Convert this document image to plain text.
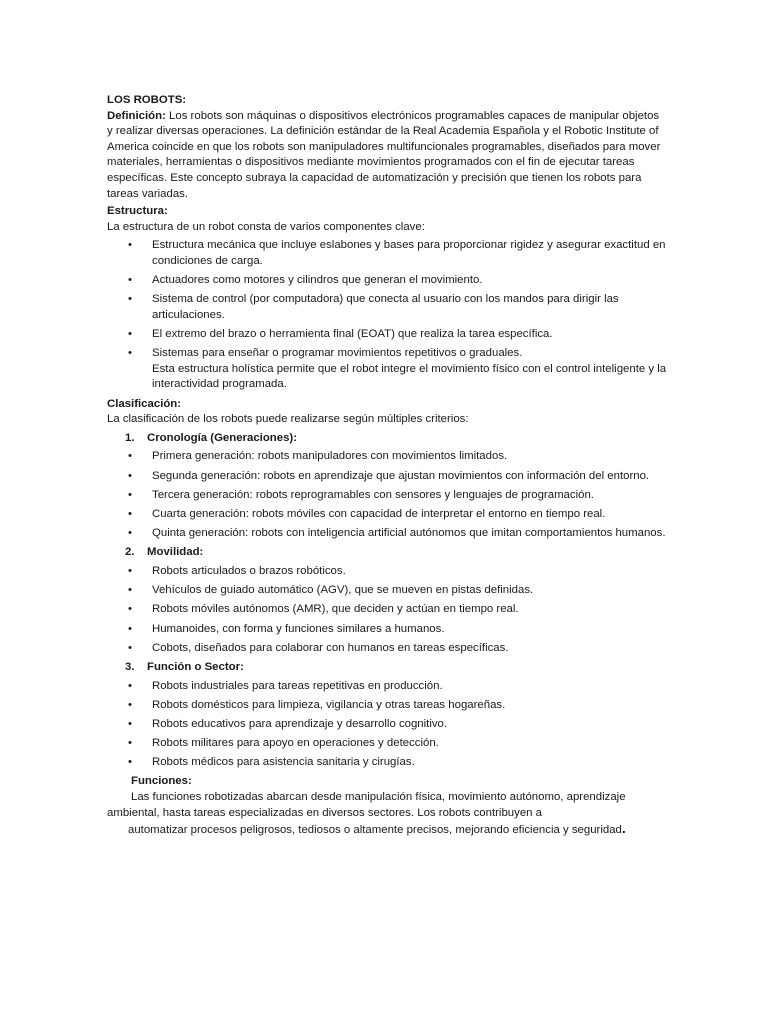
LOS ROBOTS:

Definición: Los robots son máquinas o dispositivos electrónicos programables capaces de manipular objetos y realizar diversas operaciones. La definición estándar de la Real Academia Española y el Robotic Institute of America coincide en que los robots son manipuladores multifuncionales programables, diseñados para mover materiales, herramientas o dispositivos mediante movimientos programados con el fin de ejecutar tareas específicas. Este concepto subraya la capacidad de automatización y precisión que tienen los robots para tareas variadas.

Estructura:

La estructura de un robot consta de varios componentes clave:

• Estructura mecánica que incluye eslabones y bases para proporcionar rigidez y asegurar exactitud en condiciones de carga.
• Actuadores como motores y cilindros que generan el movimiento.
• Sistema de control (por computadora) que conecta al usuario con los mandos para dirigir las articulaciones.
• El extremo del brazo o herramienta final (EOAT) que realiza la tarea específica.
• Sistemas para enseñar o programar movimientos repetitivos o graduales.
Esta estructura holística permite que el robot integre el movimiento físico con el control inteligente y la interactividad programada.

Clasificación:

La clasificación de los robots puede realizarse según múltiples criterios:

1. Cronología (Generaciones):
• Primera generación: robots manipuladores con movimientos limitados.
• Segunda generación: robots en aprendizaje que ajustan movimientos con información del entorno.
• Tercera generación: robots reprogramables con sensores y lenguajes de programación.
• Cuarta generación: robots móviles con capacidad de interpretar el entorno en tiempo real.
• Quinta generación: robots con inteligencia artificial autónomos que imitan comportamientos humanos.
2. Movilidad:
• Robots articulados o brazos robóticos.
• Vehículos de guiado automático (AGV), que se mueven en pistas definidas.
• Robots móviles autónomos (AMR), que deciden y actúan en tiempo real.
• Humanoides, con forma y funciones similares a humanos.
• Cobots, diseñados para colaborar con humanos en tareas específicas.
3. Función o Sector:
• Robots industriales para tareas repetitivas en producción.
• Robots domésticos para limpieza, vigilancia y otras tareas hogareñas.
• Robots educativos para aprendizaje y desarrollo cognitivo.
• Robots militares para apoyo en operaciones y detección.
• Robots médicos para asistencia sanitaria y cirugías.

Funciones:

Las funciones robotizadas abarcan desde manipulación física, movimiento autónomo, aprendizaje

ambiental, hasta tareas especializadas en diversos sectores. Los robots contribuyen a

automatizar procesos peligrosos, tediosos o altamente precisos, mejorando eficiencia y seguridad.
